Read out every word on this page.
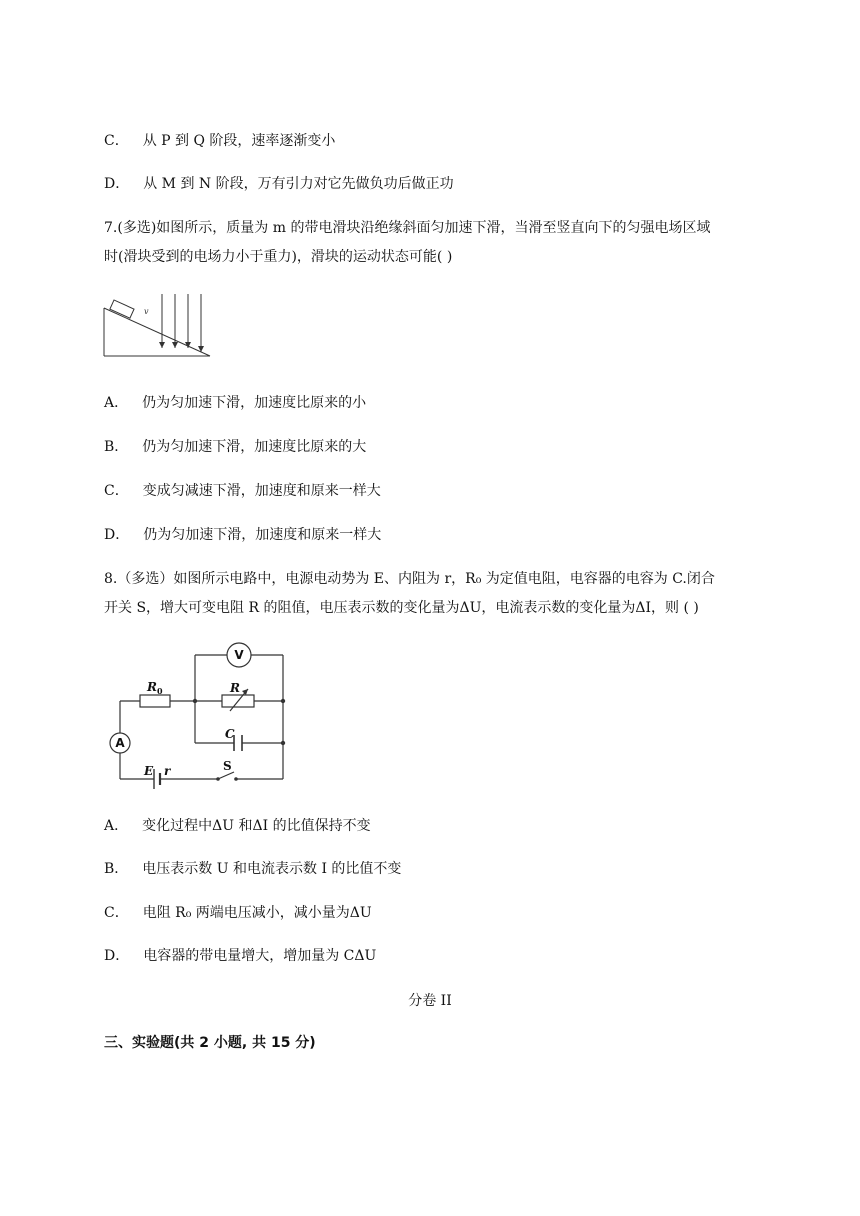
C． 从 P 到 Q 阶段，速率逐渐变小
D． 从 M 到 N 阶段，万有引力对它先做负功后做正功
7.(多选)如图所示，质量为 m 的带电滑块沿绝缘斜面匀加速下滑，当滑至竖直向下的匀强电场区域
时(滑块受到的电场力小于重力)，滑块的运动状态可能( )
v
A． 仍为匀加速下滑，加速度比原来的小
B． 仍为匀加速下滑，加速度比原来的大
C． 变成匀减速下滑，加速度和原来一样大
D． 仍为匀加速下滑，加速度和原来一样大
8.（多选）如图所示电路中，电源电动势为 E、内阻为 r，R₀ 为定值电阻，电容器的电容为 C.闭合
开关 S，增大可变电阻 R 的阻值，电压表示数的变化量为ΔU，电流表示数的变化量为ΔI，则 ( )
V
A
$R_0$	R
C
E r	S
A． 变化过程中ΔU 和ΔI 的比值保持不变
B． 电压表示数 U 和电流表示数 I 的比值不变
C． 电阻 R₀ 两端电压减小，减小量为ΔU
D． 电容器的带电量增大，增加量为 CΔU
分卷 II
三、实验题(共 2 小题, 共 15 分)
